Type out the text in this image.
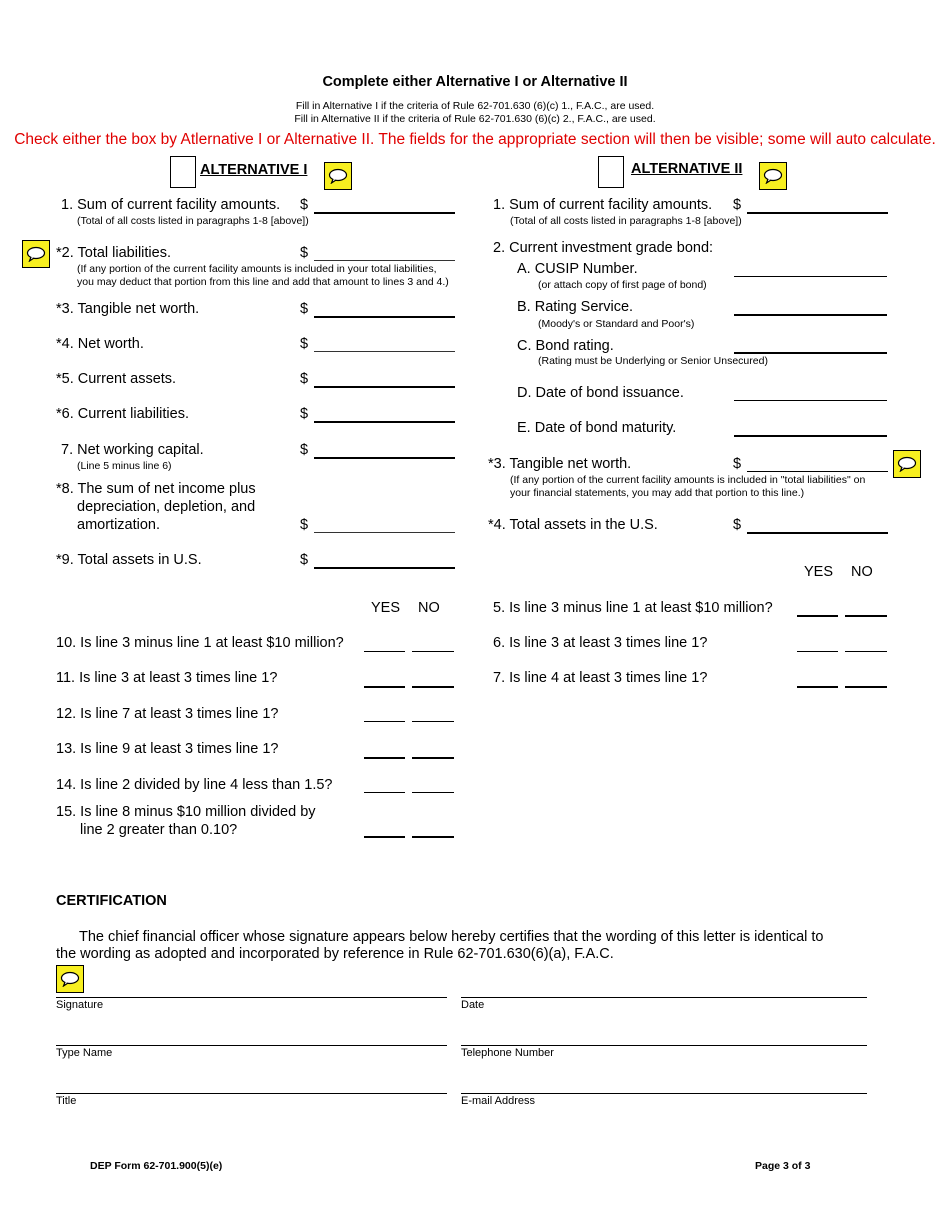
Complete either Alternative I or Alternative II
Fill in Alternative I if the criteria of Rule 62-701.630 (6)(c) 1., F.A.C., are used.
Fill in Alternative II if the criteria of Rule 62-701.630 (6)(c) 2., F.A.C., are used.
Check either the box by Atlernative I or Alternative II. The fields for the appropriate section will then be visible; some will auto calculate.
ALTERNATIVE I	ALTERNATIVE II
1. Sum of current facility amounts. $
(Total of all costs listed in paragraphs 1-8 [above])
*2. Total liabilities.	$
(If any portion of the current facility amounts is included in your total liabilities,
you may deduct that portion from this line and add that amount to lines 3 and 4.)
*3. Tangible net worth.	$
*4. Net worth.	$
*5. Current assets.	$
*6. Current liabilities.	$
7. Net working capital.	$
(Line 5 minus line 6)
*8. The sum of net income plus
depreciation, depletion, and
amortization.	$
*9. Total assets in U.S.	$
YES NO
10. Is line 3 minus line 1 at least $10 million?
11. Is line 3 at least 3 times line 1?
12. Is line 7 at least 3 times line 1?
13. Is line 9 at least 3 times line 1?
14. Is line 2 divided by line 4 less than 1.5?
15. Is line 8 minus $10 million divided by
line 2 greater than 0.10?
1. Sum of current facility amounts. $
(Total of all costs listed in paragraphs 1-8 [above])
2. Current investment grade bond:
A. CUSIP Number.
(or attach copy of first page of bond)
B. Rating Service.
(Moody's or Standard and Poor's)
C. Bond rating.
(Rating must be Underlying or Senior Unsecured)
D. Date of bond issuance.
E. Date of bond maturity.
*3. Tangible net worth.	$
(If any portion of the current facility amounts is included in "total liabilities" on
your financial statements, you may add that portion to this line.)
*4. Total assets in the U.S.	$
YES NO
5. Is line 3 minus line 1 at least $10 million?
6. Is line 3 at least 3 times line 1?
7. Is line 4 at least 3 times line 1?
CERTIFICATION
The chief financial officer whose signature appears below hereby certifies that the wording of this letter is identical to
the wording as adopted and incorporated by reference in Rule 62-701.630(6)(a), F.A.C.
Signature	Date
Type Name	Telephone Number
Title	E-mail Address
DEP Form 62-701.900(5)(e)	Page 3 of 3
